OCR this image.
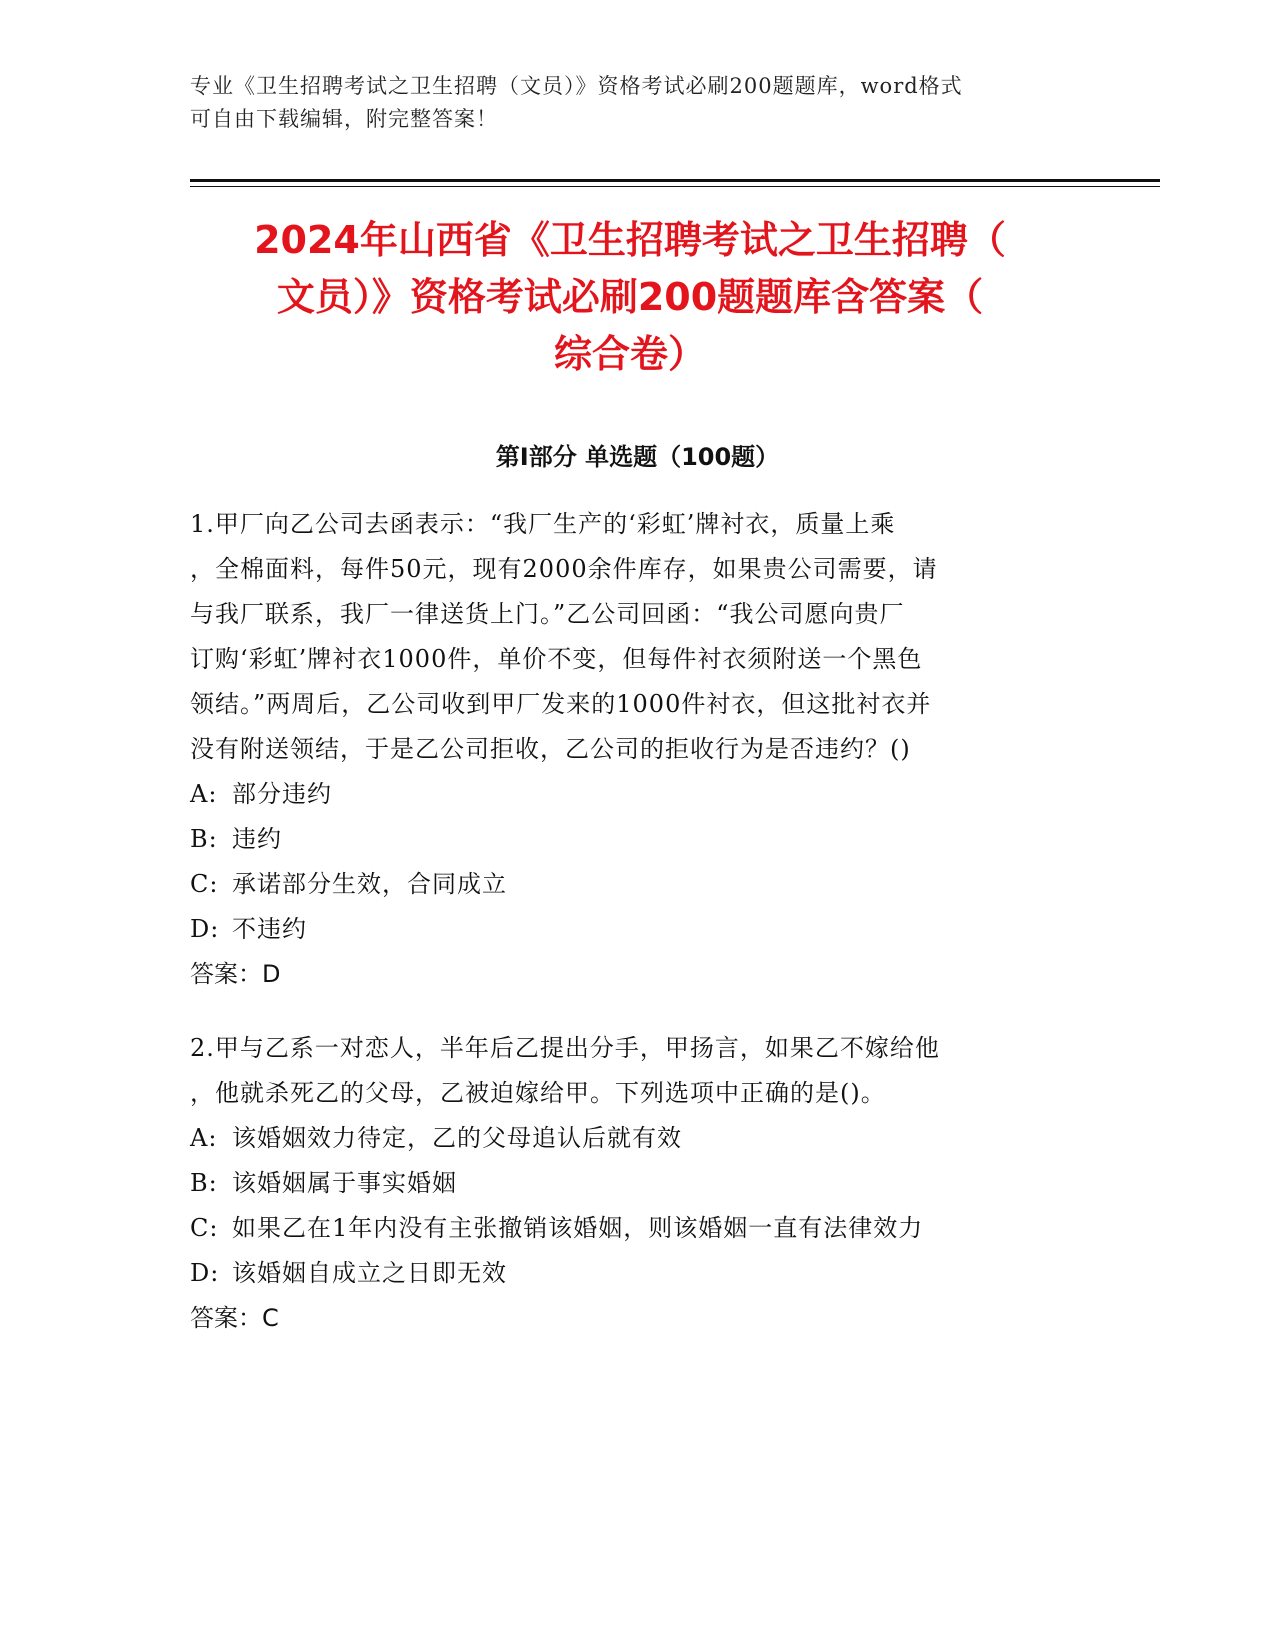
专业《卫生招聘考试之卫生招聘（文员）》资格考试必刷200题题库，word格式

可自由下载编辑，附完整答案！

2024年山西省《卫生招聘考试之卫生招聘（
文员）》资格考试必刷200题题库含答案（
综合卷）
第Ⅰ部分 单选题（100题）
1.甲厂向乙公司去函表示：“我厂生产的‘彩虹’牌衬衣，质量上乘
，全棉面料，每件50元，现有2000余件库存，如果贵公司需要，请
与我厂联系，我厂一律送货上门。”乙公司回函：“我公司愿向贵厂
订购‘彩虹’牌衬衣1000件，单价不变，但每件衬衣须附送一个黑色
领结。”两周后，乙公司收到甲厂发来的1000件衬衣，但这批衬衣并
没有附送领结，于是乙公司拒收，乙公司的拒收行为是否违约？()
A: 部分违约
B: 违约
C: 承诺部分生效，合同成立
D: 不违约
答案：D
2.甲与乙系一对恋人，半年后乙提出分手，甲扬言，如果乙不嫁给他
，他就杀死乙的父母，乙被迫嫁给甲。下列选项中正确的是()。
A: 该婚姻效力待定，乙的父母追认后就有效
B: 该婚姻属于事实婚姻
C: 如果乙在1年内没有主张撤销该婚姻，则该婚姻一直有法律效力
D: 该婚姻自成立之日即无效
答案：C
